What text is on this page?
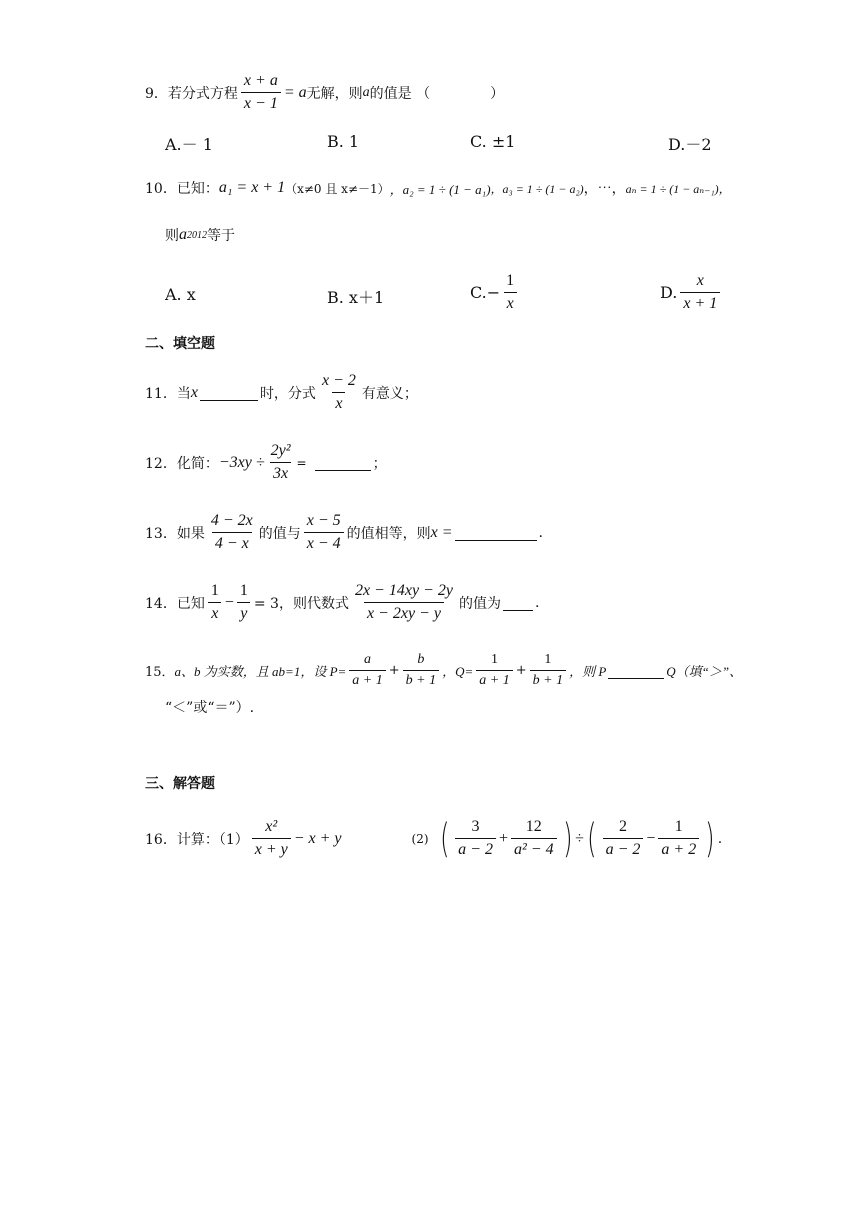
9． 若分式方程 $\frac{x + a}{x - 1} = a$ 无解，则 a 的值是 （	）
A.－ 1	B. 1	C. ±1	D.－2
10．已知： a₁ = x + 1 （x≠0 且 x≠－1） ，a₂ = 1 ÷ (1 − a₁) ，a₃ = 1 ÷ (1 − a₂) ，⋯， aₙ = 1 ÷ (1 − aₙ₋₁)，
则 a 2012 等于
A. x	B. x＋1	$C.- \frac{1}{x}$	D. $\frac{x}{x + 1}$
二、填空题
11．当 x	时，分式 $\frac{x - 2}{x}$ 有意义；
12．化简： $-3xy \div \frac{\text{2y²}}{3x}$ =	；
13．如果 $\frac{4 - 2x}{4 - x}$ 的值与 $\frac{x - 5}{x - 4}$ 的值相等，则 x =	.
14．已知 $\frac{1}{x} - \frac{1}{y} = 3$，则代数式 $\frac{2x - 14xy - 2y}{x - 2xy - y}$ 的值为 .
15． a、b 为实数，且 ab=1，设 $P= \frac{a}{a + 1} + \frac{b}{b + 1}$ ，$Q= \frac{1}{a + 1} + \frac{1}{b + 1}$ ，则 P	Q（填“＞”、
“＜”或“＝”）.
三、解答题
16．计算：$(1) \frac{\text{x²}}{x + y} - x + y$	(2) ( $\frac{3}{a - 2} + \frac{12}{\text{a² − 4}}$ ) ÷ ( $\frac{2}{a - 2} - \frac{1}{a + 2}$ ) .
